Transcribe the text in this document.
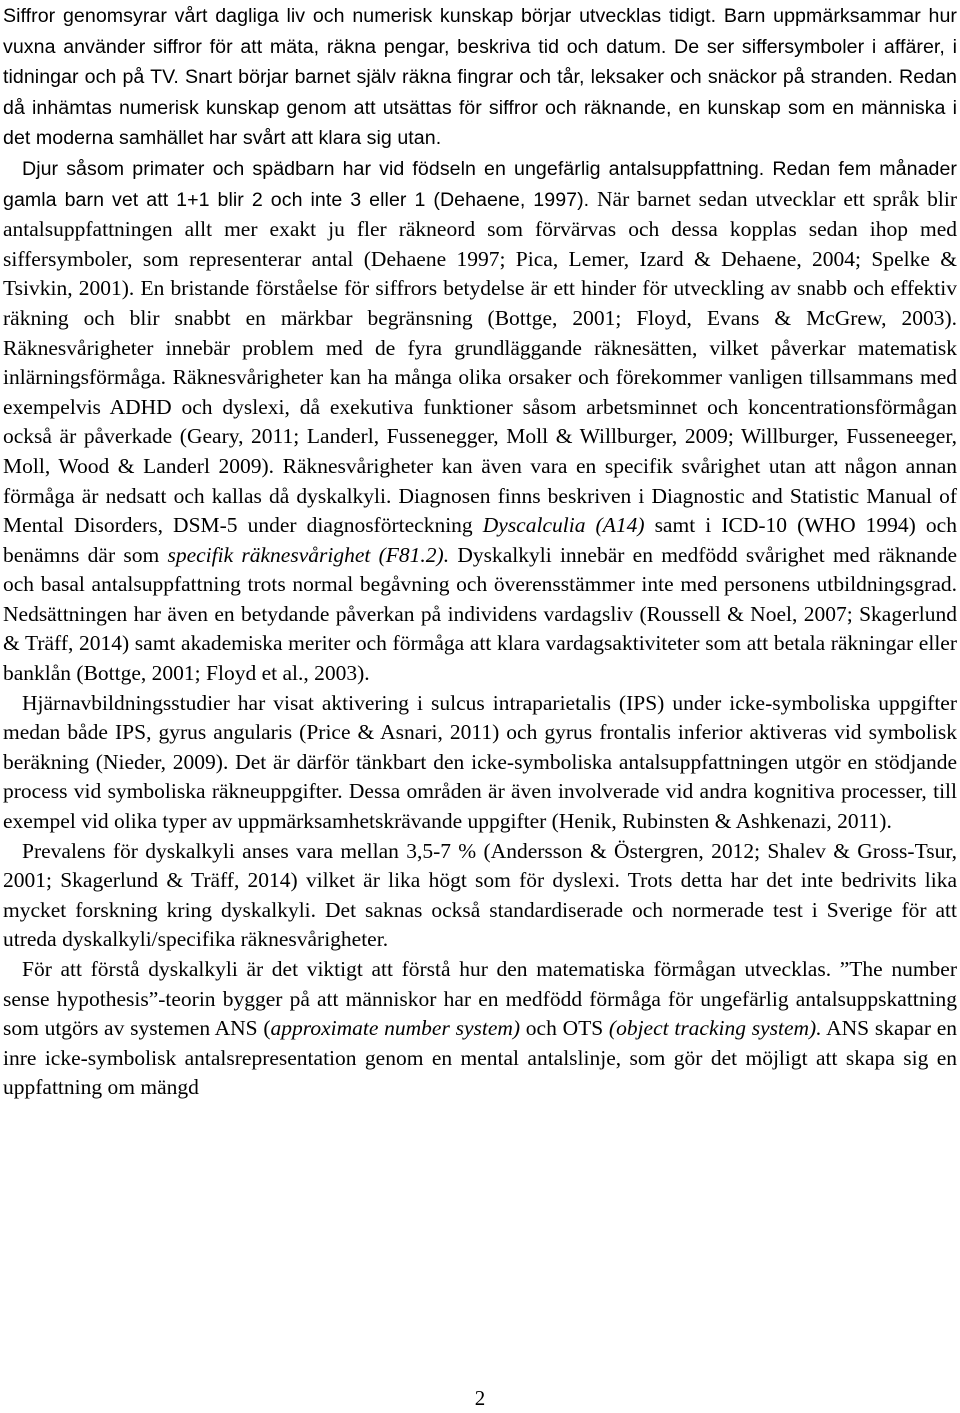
Siffror genomsyrar vårt dagliga liv och numerisk kunskap börjar utvecklas tidigt. Barn uppmärksammar hur vuxna använder siffror för att mäta, räkna pengar, beskriva tid och datum. De ser siffersymboler i affärer, i tidningar och på TV. Snart börjar barnet själv räkna fingrar och tår, leksaker och snäckor på stranden. Redan då inhämtas numerisk kunskap genom att utsättas för siffror och räknande, en kunskap som en människa i det moderna samhället har svårt att klara sig utan.

Djur såsom primater och spädbarn har vid födseln en ungefärlig antalsuppfattning. Redan fem månader gamla barn vet att 1+1 blir 2 och inte 3 eller 1 (Dehaene, 1997). När barnet sedan utvecklar ett språk blir antalsuppfattningen allt mer exakt ju fler räkneord som förvärvas och dessa kopplas sedan ihop med siffersymboler, som representerar antal (Dehaene 1997; Pica, Lemer, Izard & Dehaene, 2004; Spelke & Tsivkin, 2001). En bristande förståelse för siffrors betydelse är ett hinder för utveckling av snabb och effektiv räkning och blir snabbt en märkbar begränsning (Bottge, 2001; Floyd, Evans & McGrew, 2003). Räknesvårigheter innebär problem med de fyra grundläggande räknesätten, vilket påverkar matematisk inlärningsförmåga. Räknesvårigheter kan ha många olika orsaker och förekommer vanligen tillsammans med exempelvis ADHD och dyslexi, då exekutiva funktioner såsom arbetsminnet och koncentrationsförmågan också är påverkade (Geary, 2011; Landerl, Fussenegger, Moll & Willburger, 2009; Willburger, Fusseneeger, Moll, Wood & Landerl 2009). Räknesvårigheter kan även vara en specifik svårighet utan att någon annan förmåga är nedsatt och kallas då dyskalkyli. Diagnosen finns beskriven i Diagnostic and Statistic Manual of Mental Disorders, DSM-5 under diagnosförteckning Dyscalculia (A14) samt i ICD-10 (WHO 1994) och benämns där som specifik räknesvårighet (F81.2). Dyskalkyli innebär en medfödd svårighet med räknande och basal antalsuppfattning trots normal begåvning och överensstämmer inte med personens utbildningsgrad. Nedsättningen har även en betydande påverkan på individens vardagsliv (Roussell & Noel, 2007; Skagerlund & Träff, 2014) samt akademiska meriter och förmåga att klara vardagsaktiviteter som att betala räkningar eller banklån (Bottge, 2001; Floyd et al., 2003).

Hjärnavbildningsstudier har visat aktivering i sulcus intraparietalis (IPS) under icke-symboliska uppgifter medan både IPS, gyrus angularis (Price & Asnari, 2011) och gyrus frontalis inferior aktiveras vid symbolisk beräkning (Nieder, 2009). Det är därför tänkbart den icke-symboliska antalsuppfattningen utgör en stödjande process vid symboliska räkneuppgifter. Dessa områden är även involverade vid andra kognitiva processer, till exempel vid olika typer av uppmärksamhetskrävande uppgifter (Henik, Rubinsten & Ashkenazi, 2011).

Prevalens för dyskalkyli anses vara mellan 3,5-7 % (Andersson & Östergren, 2012; Shalev & Gross-Tsur, 2001; Skagerlund & Träff, 2014) vilket är lika högt som för dyslexi. Trots detta har det inte bedrivits lika mycket forskning kring dyskalkyli. Det saknas också standardiserade och normerade test i Sverige för att utreda dyskalkyli/specifika räknesvårigheter.

För att förstå dyskalkyli är det viktigt att förstå hur den matematiska förmågan utvecklas. ”The number sense hypothesis”-teorin bygger på att människor har en medfödd förmåga för ungefärlig antalsuppskattning som utgörs av systemen ANS (approximate number system) och OTS (object tracking system). ANS skapar en inre icke-symbolisk antalsrepresentation genom en mental antalslinje, som gör det möjligt att skapa sig en uppfattning om mängd

2
